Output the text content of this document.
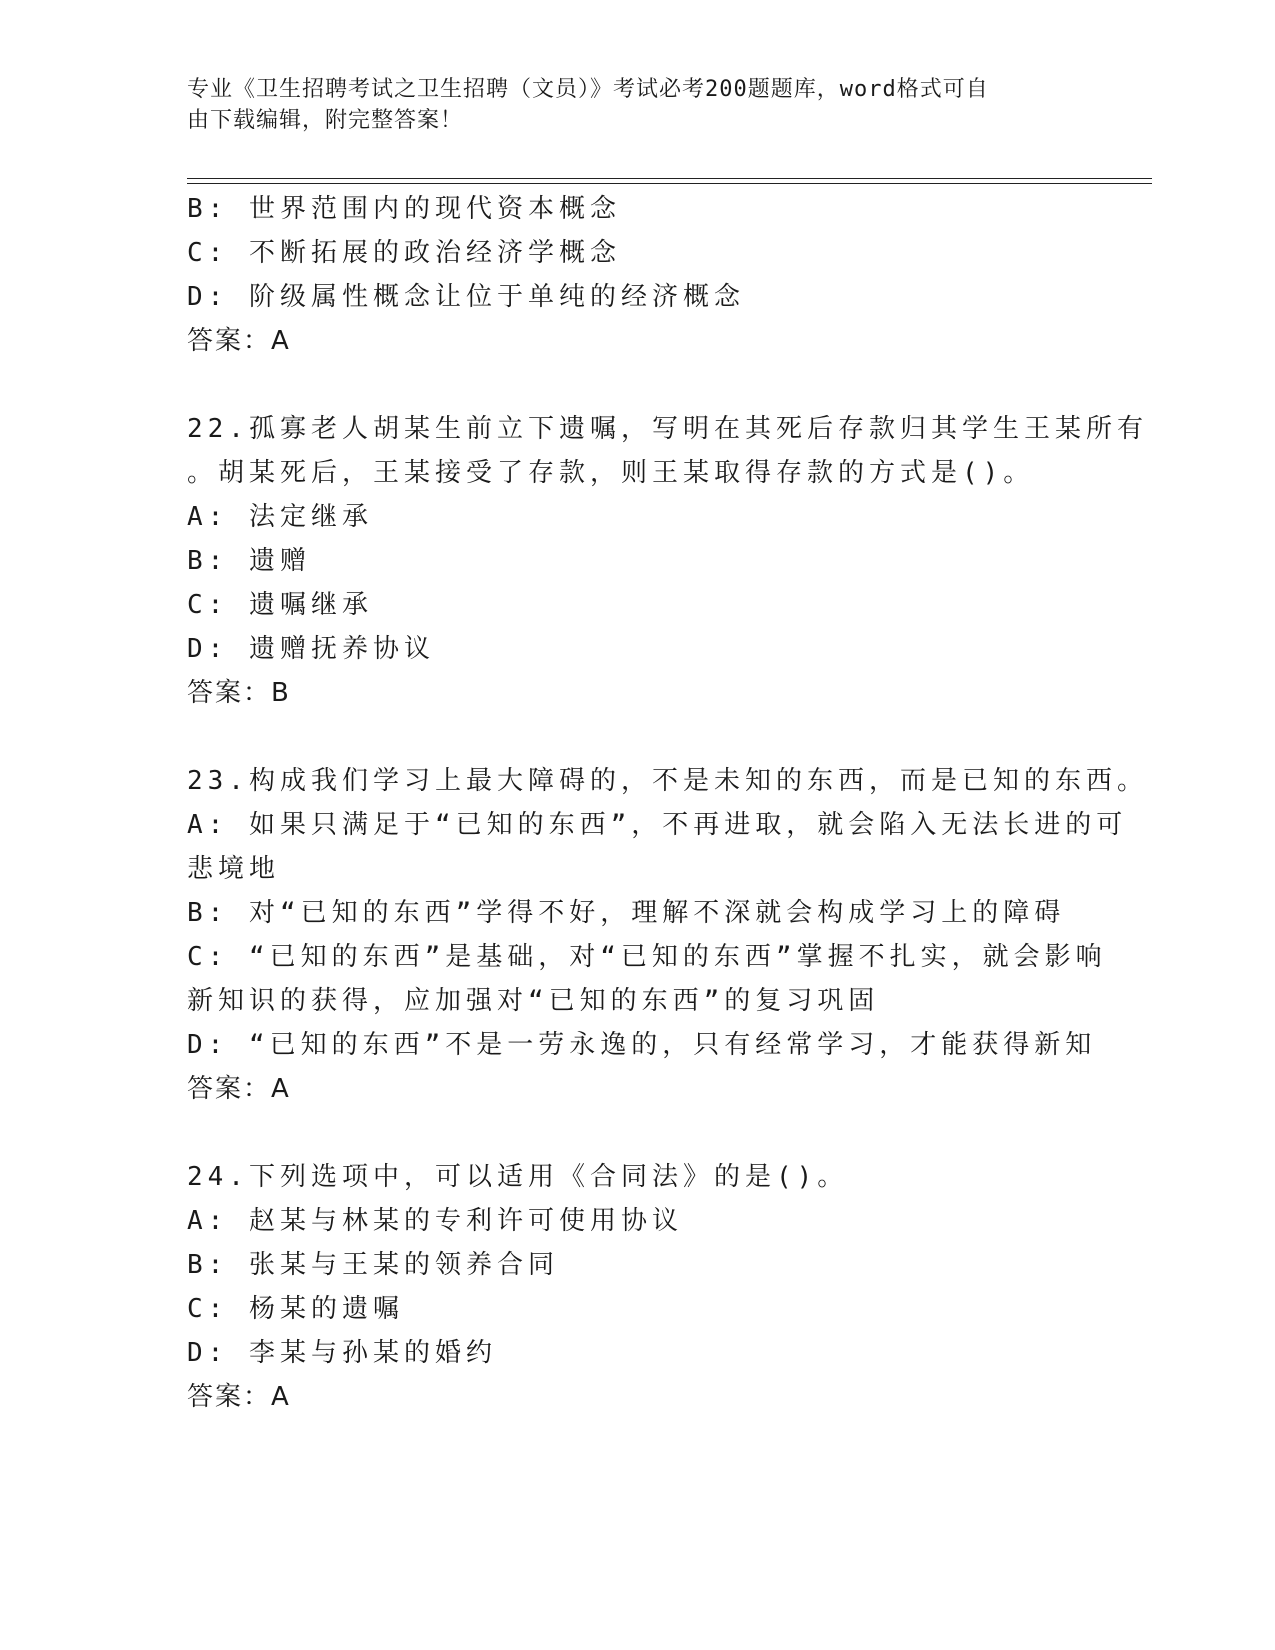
专业《卫生招聘考试之卫生招聘（文员）》考试必考200题题库，word格式可自
由下载编辑，附完整答案！
B: 世界范围内的现代资本概念
C: 不断拓展的政治经济学概念
D: 阶级属性概念让位于单纯的经济概念
答案：A
22.孤寡老人胡某生前立下遗嘱，写明在其死后存款归其学生王某所有
。胡某死后，王某接受了存款，则王某取得存款的方式是()。
A: 法定继承
B: 遗赠
C: 遗嘱继承
D: 遗赠抚养协议
答案：B
23.构成我们学习上最大障碍的，不是未知的东西，而是已知的东西。
A: 如果只满足于“已知的东西”，不再进取，就会陷入无法长进的可
悲境地
B: 对“已知的东西”学得不好，理解不深就会构成学习上的障碍
C: “已知的东西”是基础，对“已知的东西”掌握不扎实，就会影响
新知识的获得，应加强对“已知的东西”的复习巩固
D: “已知的东西”不是一劳永逸的，只有经常学习，才能获得新知
答案：A
24.下列选项中，可以适用《合同法》的是()。
A: 赵某与林某的专利许可使用协议
B: 张某与王某的领养合同
C: 杨某的遗嘱
D: 李某与孙某的婚约
答案：A
